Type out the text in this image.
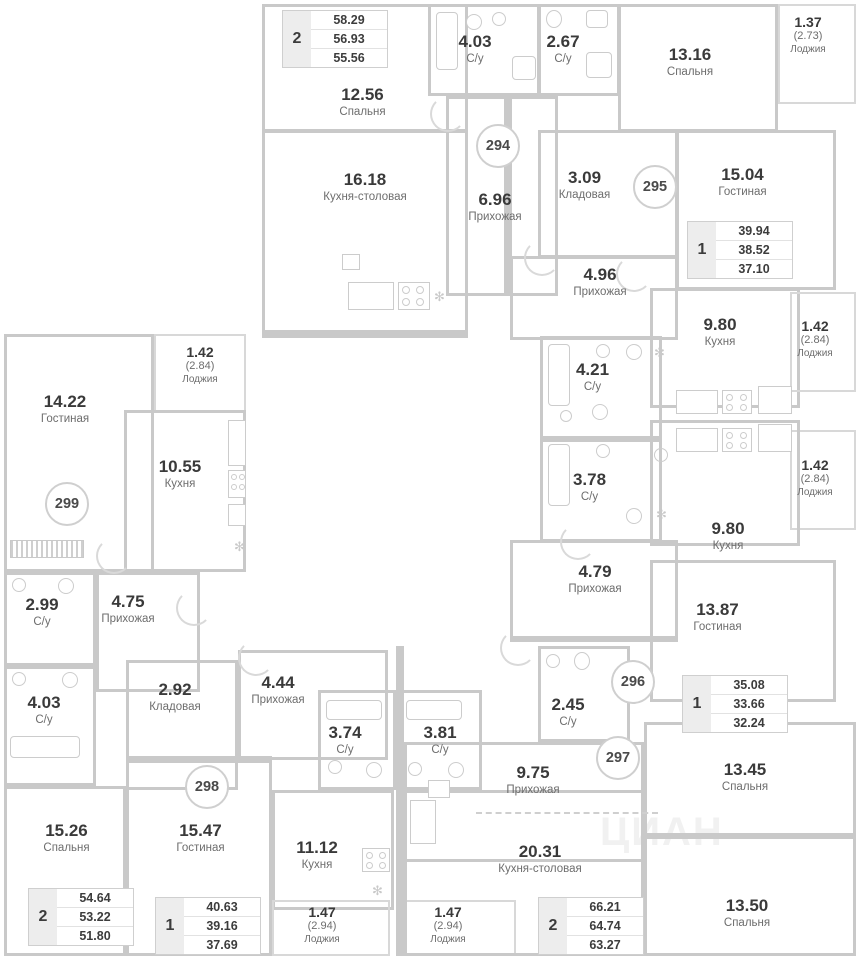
ЦИАН
✻
✻
✻
✻
✻
294
295
296
297
298
299
2
58.29
56.93
55.56
1
39.94
38.52
37.10
1
35.08
33.66
32.24
2
66.21
64.74
63.27
1
40.63
39.16
37.69
2
54.64
53.22
51.80
4.03
С/у
2.67
С/у	13.16
Спальня
1.37
(2.73)
Лоджия
12.56
Спальня
16.18
Кухня-столовая	6.96
Прихожая
3.09
Кладовая
15.04
Гостиная
4.96
Прихожая
9.80
Кухня
1.42
(2.84)
Лоджия
4.21
С/у
3.78
С/у
1.42
(2.84)
Лоджия
9.80
Кухня
4.79
Прихожая
13.87
Гостиная
14.22
Гостиная
1.42
(2.84)
Лоджия
10.55
Кухня
2.99
С/у
4.75
Прихожая
4.03
С/у
2.92
Кладовая
4.44
Прихожая
3.74
С/у
3.81
С/у
2.45
С/у
9.75
Прихожая
13.45
Спальня
15.26
Спальня
15.47
Гостиная	11.12
Кухня
20.31
Кухня-столовая
13.50
Спальня
1.47
(2.94)
Лоджия
1.47
(2.94)
Лоджия
